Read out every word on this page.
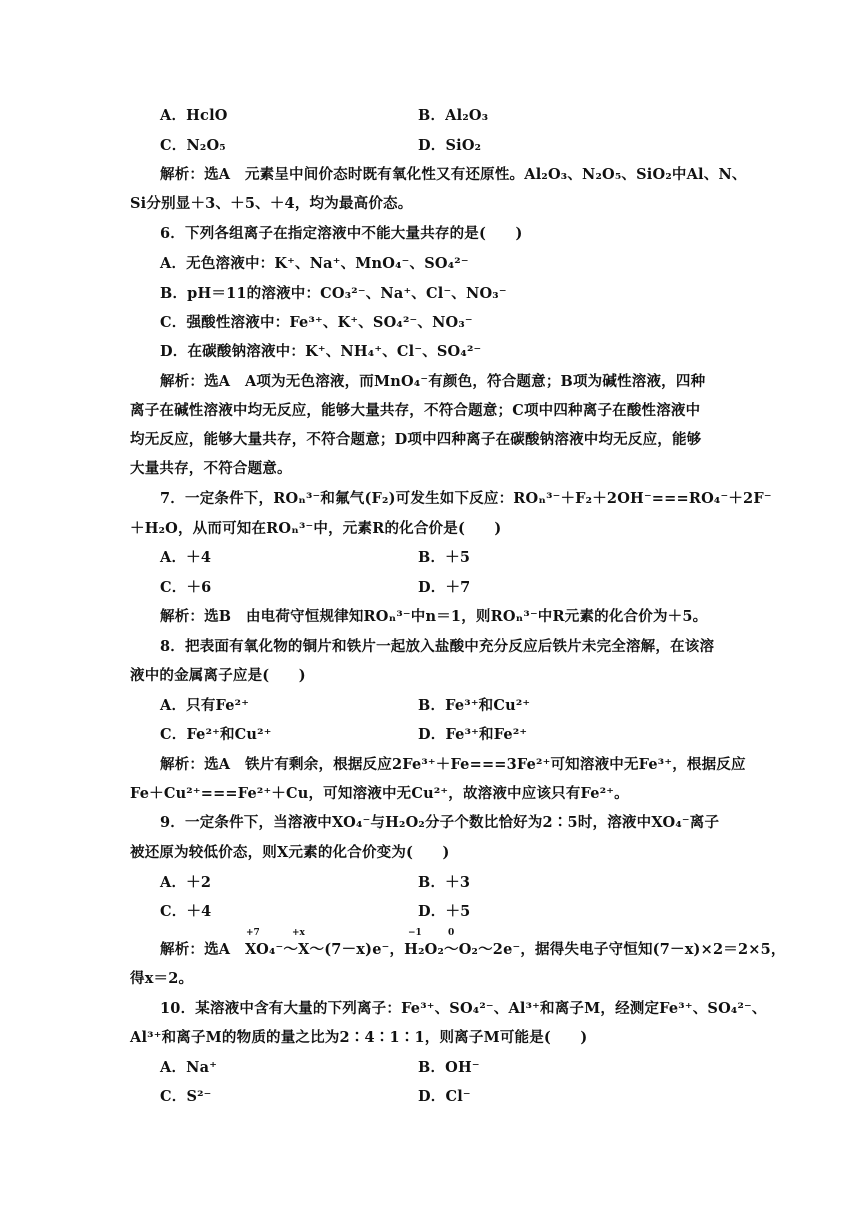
A．HclO	B．Al₂O₃
C．N₂O₅	D．SiO₂
解析：选A　元素呈中间价态时既有氧化性又有还原性。Al₂O₃、N₂O₅、SiO₂中Al、N、
Si分别显＋3、＋5、＋4，均为最高价态。
6．下列各组离子在指定溶液中不能大量共存的是(　　)
A．无色溶液中：K⁺、Na⁺、MnO₄⁻、SO₄²⁻
B．pH＝11的溶液中：CO₃²⁻、Na⁺、Cl⁻、NO₃⁻
C．强酸性溶液中：Fe³⁺、K⁺、SO₄²⁻、NO₃⁻
D．在碳酸钠溶液中：K⁺、NH₄⁺、Cl⁻、SO₄²⁻
解析：选A　A项为无色溶液，而MnO₄⁻有颜色，符合题意；B项为碱性溶液，四种
离子在碱性溶液中均无反应，能够大量共存，不符合题意；C项中四种离子在酸性溶液中
均无反应，能够大量共存，不符合题意；D项中四种离子在碳酸钠溶液中均无反应，能够
大量共存，不符合题意。
7．一定条件下，ROₙ³⁻和氟气(F₂)可发生如下反应：ROₙ³⁻＋F₂＋2OH⁻===RO₄⁻＋2F⁻
＋H₂O，从而可知在ROₙ³⁻中，元素R的化合价是(　　)
A．＋4	B．＋5
C．＋6	D．＋7
解析：选B　由电荷守恒规律知ROₙ³⁻中n＝1，则ROₙ³⁻中R元素的化合价为＋5。
8．把表面有氧化物的铜片和铁片一起放入盐酸中充分反应后铁片未完全溶解，在该溶
液中的金属离子应是(　　)
A．只有Fe²⁺	B．Fe³⁺和Cu²⁺
C．Fe²⁺和Cu²⁺	D．Fe³⁺和Fe²⁺
解析：选A　铁片有剩余，根据反应2Fe³⁺＋Fe===3Fe²⁺可知溶液中无Fe³⁺，根据反应
Fe＋Cu²⁺===Fe²⁺＋Cu，可知溶液中无Cu²⁺，故溶液中应该只有Fe²⁺。
9．一定条件下，当溶液中XO₄⁻与H₂O₂分子个数比恰好为2∶5时，溶液中XO₄⁻离子
被还原为较低价态，则X元素的化合价变为(　　)
A．＋2	B．＋3
C．＋4	D．＋5
解析：选A　XO₄⁻～X～(7－x)e⁻，H₂O₂～O₂～2e⁻，据得失电子守恒知(7－x)×2＝2×5，
+7	+x	−1	0
得x＝2。
10．某溶液中含有大量的下列离子：Fe³⁺、SO₄²⁻、Al³⁺和离子M，经测定Fe³⁺、SO₄²⁻、
Al³⁺和离子M的物质的量之比为2∶4∶1∶1，则离子M可能是(　　)
A．Na⁺	B．OH⁻
C．S²⁻	D．Cl⁻
